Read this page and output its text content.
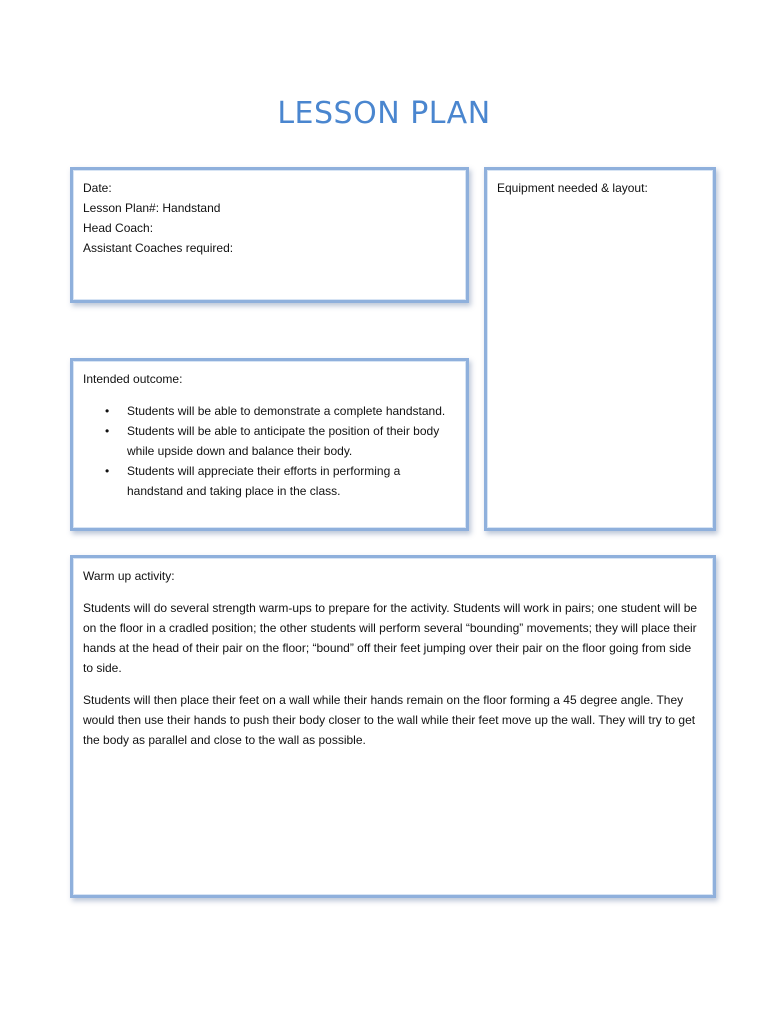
LESSON PLAN
Date:
Lesson Plan#: Handstand
Head Coach:
Assistant Coaches required:
Equipment needed & layout:
Intended outcome:
• Students will be able to demonstrate a complete handstand.
• Students will be able to anticipate the position of their body while upside down and balance their body.
• Students will appreciate their efforts in performing a handstand and taking place in the class.
Warm up activity:

Students will do several strength warm-ups to prepare for the activity. Students will work in pairs; one student will be on the floor in a cradled position; the other students will perform several “bounding” movements; they will place their hands at the head of their pair on the floor; “bound” off their feet jumping over their pair on the floor going from side to side.

Students will then place their feet on a wall while their hands remain on the floor forming a 45 degree angle. They would then use their hands to push their body closer to the wall while their feet move up the wall. They will try to get the body as parallel and close to the wall as possible.
